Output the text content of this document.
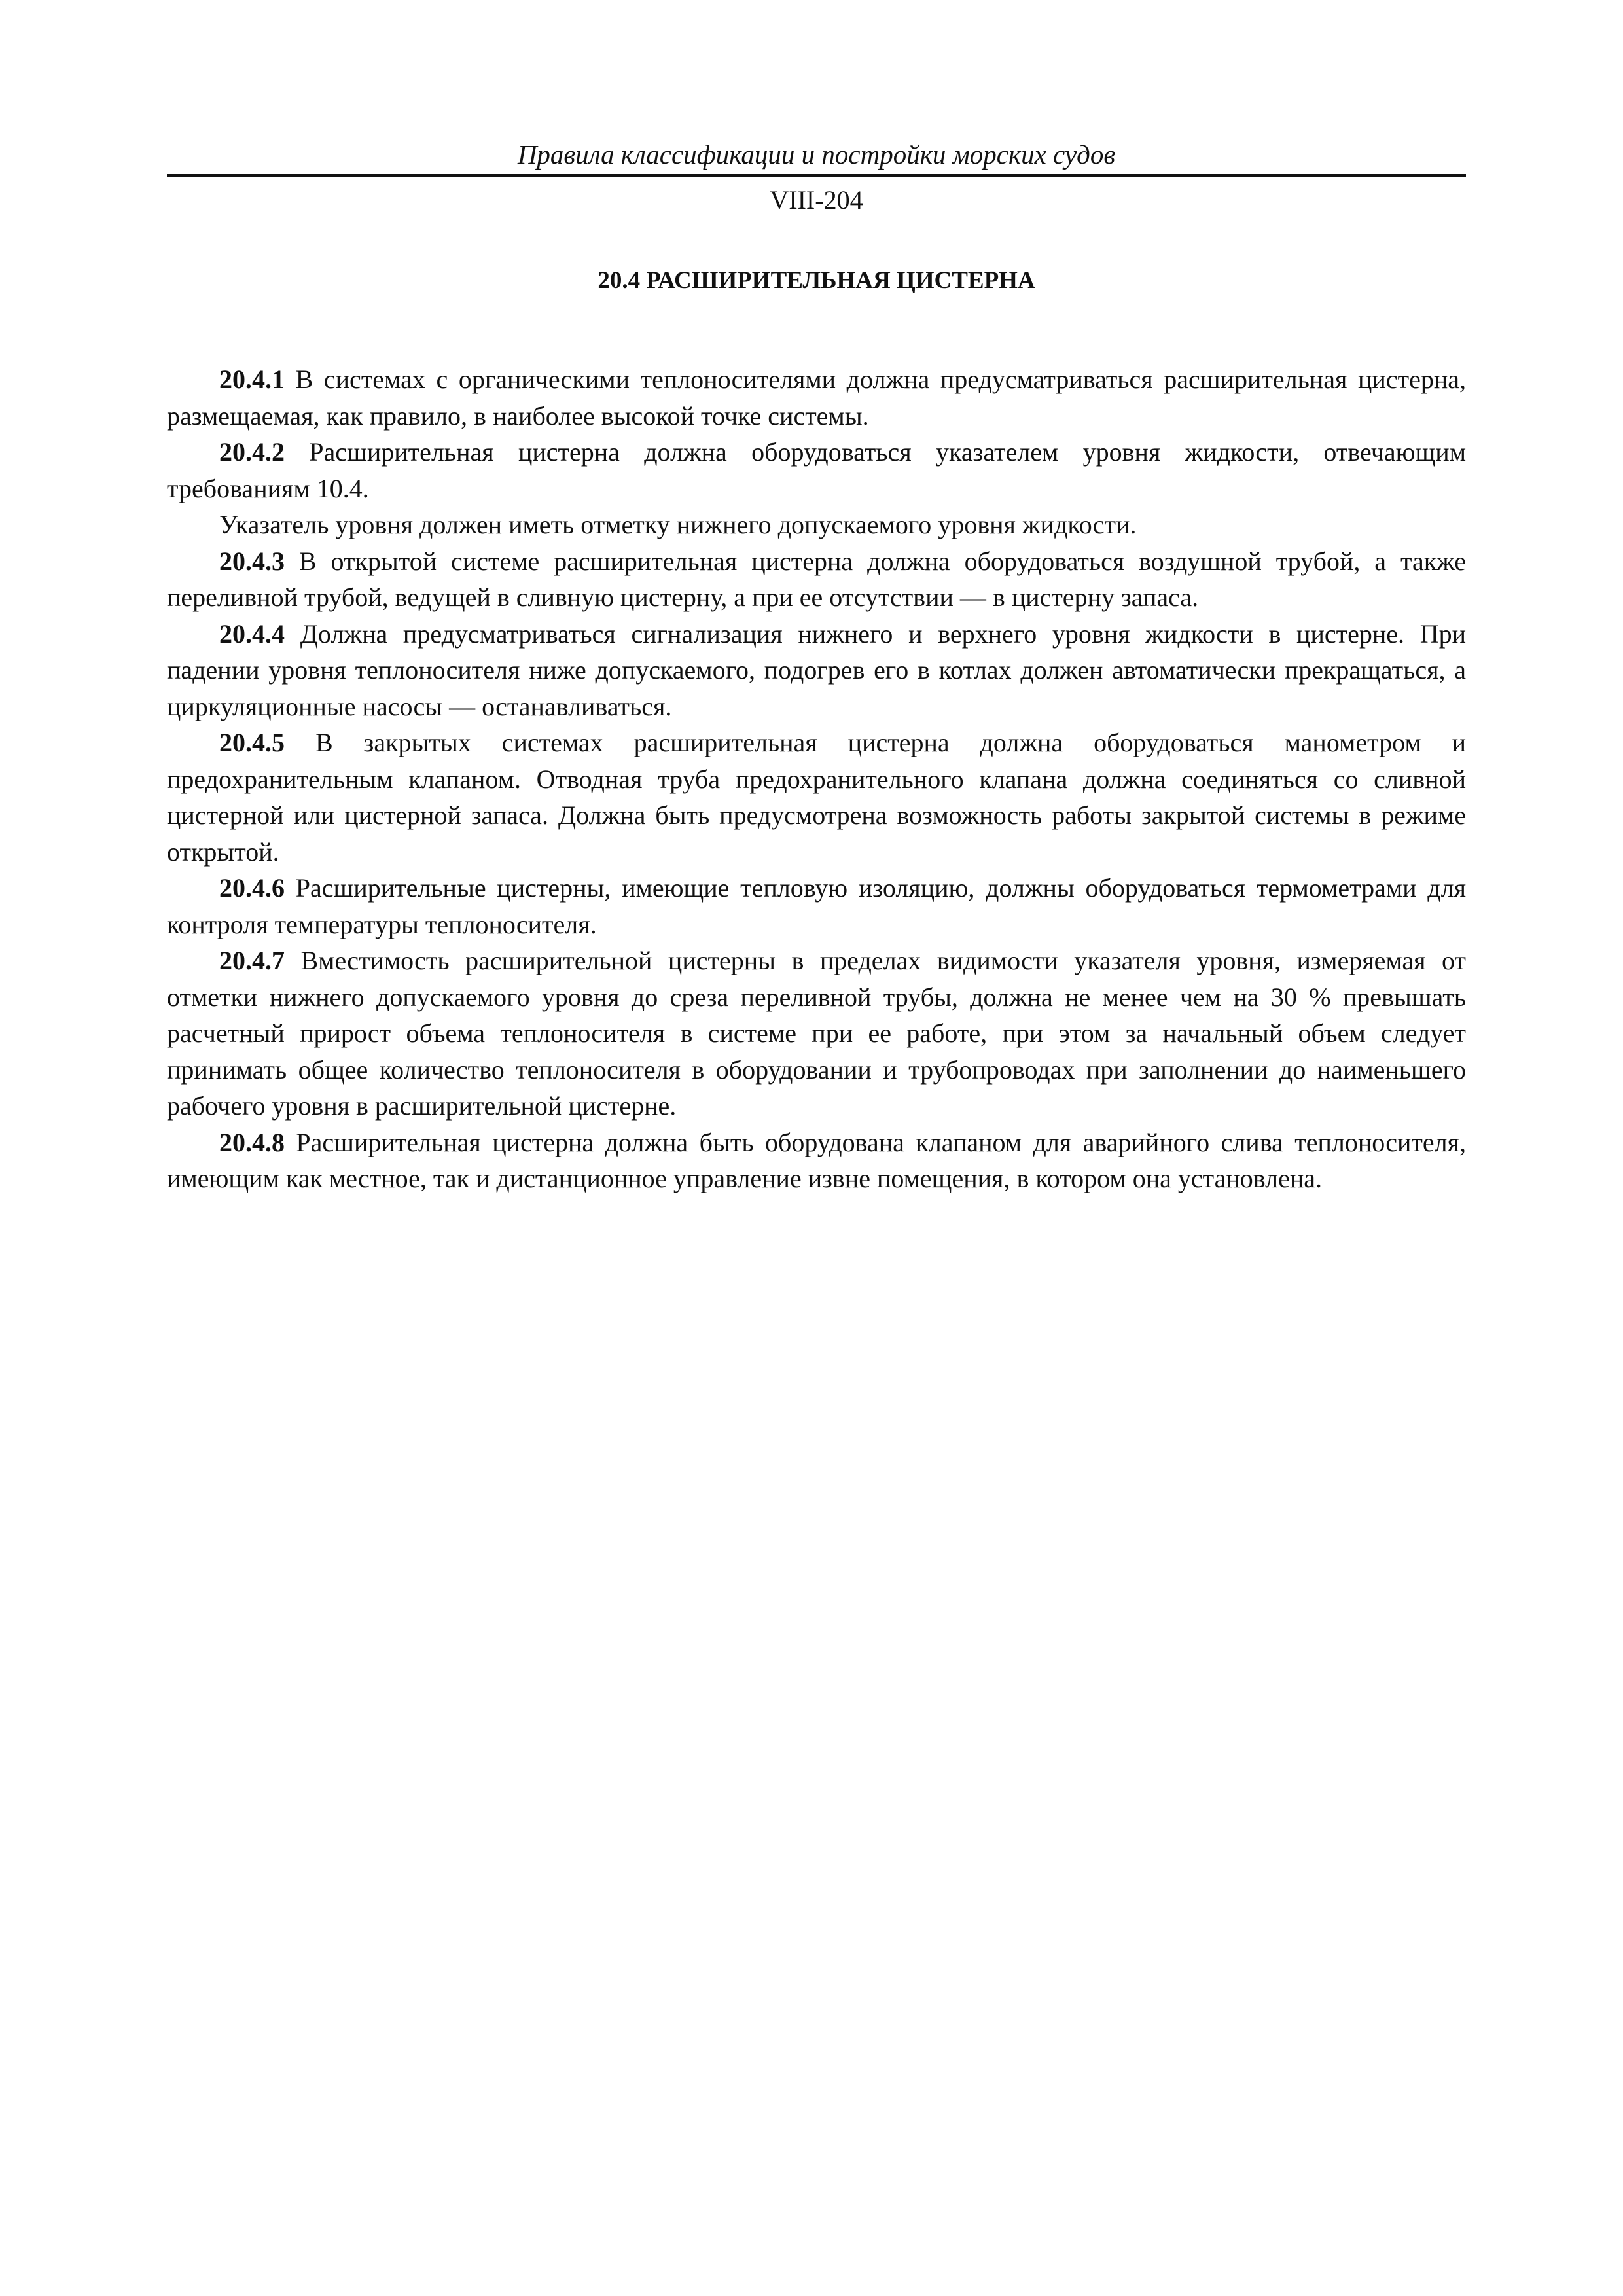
Правила классификации и постройки морских судов
VIII-204
20.4 РАСШИРИТЕЛЬНАЯ ЦИСТЕРНА

20.4.1 В системах с органическими теплоносителями должна предусматриваться расширительная цистерна, размещаемая, как правило, в наиболее высокой точке системы.

20.4.2 Расширительная цистерна должна оборудоваться указателем уровня жидкости, отвечающим требованиям 10.4.

Указатель уровня должен иметь отметку нижнего допускаемого уровня жидкости.

20.4.3 В открытой системе расширительная цистерна должна оборудоваться воздушной трубой, а также переливной трубой, ведущей в сливную цистерну, а при ее отсутствии — в цистерну запаса.

20.4.4 Должна предусматриваться сигнализация нижнего и верхнего уровня жидкости в цистерне. При падении уровня теплоносителя ниже допускаемого, подогрев его в котлах должен автоматически прекращаться, а циркуляционные насосы — останавливаться.

20.4.5 В закрытых системах расширительная цистерна должна оборудоваться манометром и предохранительным клапаном. Отводная труба предохранительного клапана должна соединяться со сливной цистерной или цистерной запаса. Должна быть предусмотрена возможность работы закрытой системы в режиме открытой.

20.4.6 Расширительные цистерны, имеющие тепловую изоляцию, должны оборудоваться термометрами для контроля температуры теплоносителя.

20.4.7 Вместимость расширительной цистерны в пределах видимости указателя уровня, измеряемая от отметки нижнего допускаемого уровня до среза переливной трубы, должна не менее чем на 30 % превышать расчетный прирост объема теплоносителя в системе при ее работе, при этом за начальный объем следует принимать общее количество теплоносителя в оборудовании и трубопроводах при заполнении до наименьшего рабочего уровня в расширительной цистерне.

20.4.8 Расширительная цистерна должна быть оборудована клапаном для аварийного слива теплоносителя, имеющим как местное, так и дистанционное управление извне помещения, в котором она установлена.
